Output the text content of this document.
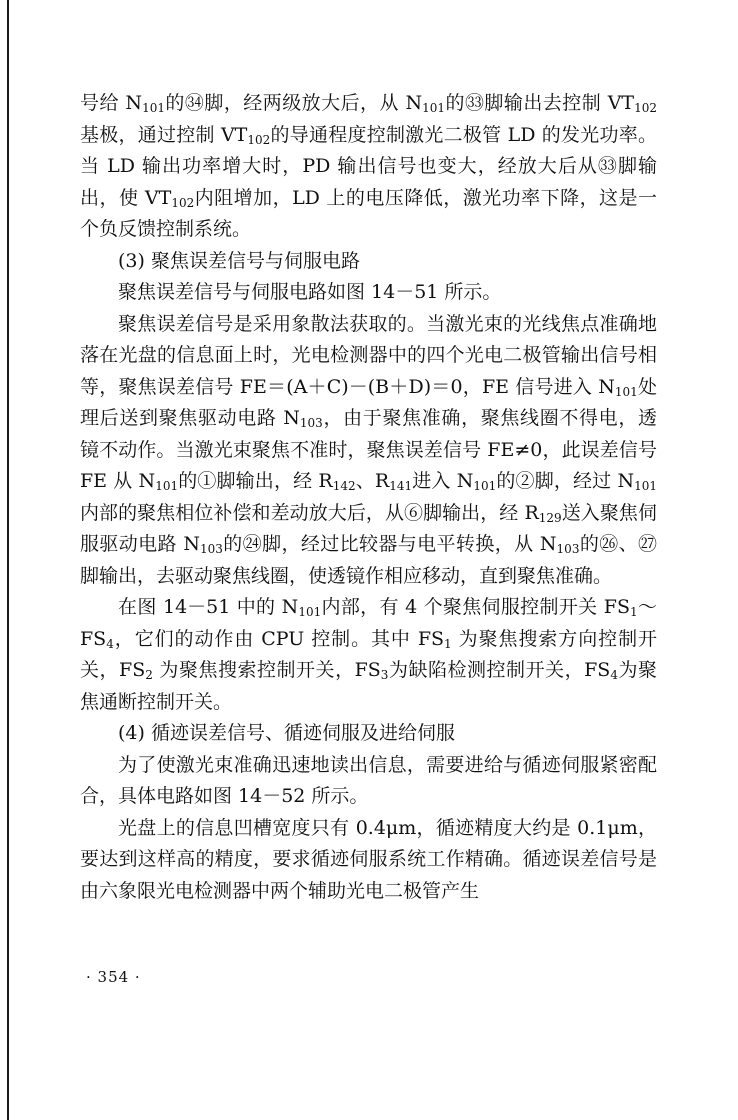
号给 $N_{101}$的㉞脚，经两级放大后，从 $N_{101}$的㉝脚输出去控制 $VT_{102}$基极，通过控制 $VT_{102}$的导通程度控制激光二极管 LD 的发光功率。当 LD 输出功率增大时，PD 输出信号也变大，经放大后从㉝脚输出，使 $VT_{102}$内阻增加，LD 上的电压降低，激光功率下降，这是一个负反馈控制系统。

(3) 聚焦误差信号与伺服电路

聚焦误差信号与伺服电路如图 14－51 所示。

聚焦误差信号是采用象散法获取的。当激光束的光线焦点准确地落在光盘的信息面上时，光电检测器中的四个光电二极管输出信号相等，聚焦误差信号 FE＝(A＋C)－(B＋D)＝0，FE 信号进入 $N_{101}$处理后送到聚焦驱动电路 $N_{103}$，由于聚焦准确，聚焦线圈不得电，透镜不动作。当激光束聚焦不准时，聚焦误差信号 FE≠0，此误差信号 FE 从 $N_{101}$的①脚输出，经 $R_{142}$、$R_{141}$进入 $N_{101}$的②脚，经过 $N_{101}$内部的聚焦相位补偿和差动放大后，从⑥脚输出，经 $R_{129}$送入聚焦伺服驱动电路 $N_{103}$的㉔脚，经过比较器与电平转换，从 $N_{103}$的㉖、㉗脚输出，去驱动聚焦线圈，使透镜作相应移动，直到聚焦准确。

在图 14－51 中的 $N_{101}$内部，有 4 个聚焦伺服控制开关 $FS_1\sim FS_4$，它们的动作由 CPU 控制。其中 $FS_1$ 为聚焦搜索方向控制开关，$FS_2$ 为聚焦搜索控制开关，$FS_3$为缺陷检测控制开关，$FS_4$为聚焦通断控制开关。

(4) 循迹误差信号、循迹伺服及进给伺服

为了使激光束准确迅速地读出信息，需要进给与循迹伺服紧密配合，具体电路如图 14－52 所示。

光盘上的信息凹槽宽度只有 0.4μm，循迹精度大约是 0.1μm，要达到这样高的精度，要求循迹伺服系统工作精确。循迹误差信号是由六象限光电检测器中两个辅助光电二极管产生

· 354 ·
